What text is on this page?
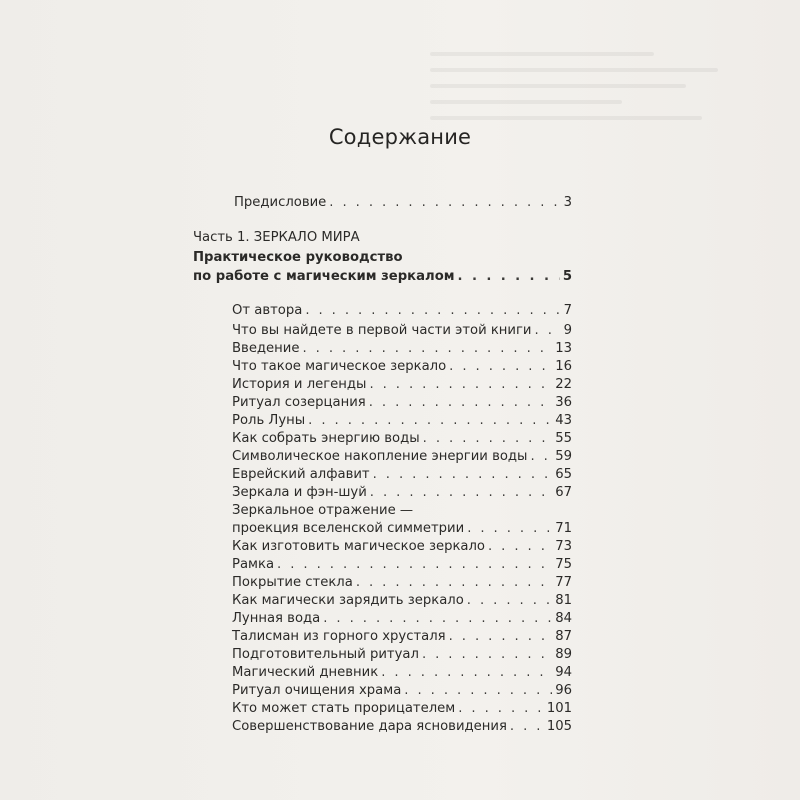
Содержание
Предисловие . . .	3
Часть 1. ЗЕРКАЛО МИРА
Практическое руководство
по работе с магическим зеркалом . . .	5
От автора . . .	7
Что вы найдете в первой части этой книги . . . 9
Введение . . .	13
Что такое магическое зеркало . . .	16
История и легенды . . .	22
Ритуал созерцания . . .	36
Роль Луны . . .	43
Как собрать энергию воды . . .	55
Символическое накопление энергии воды . . . 59
Еврейский алфавит . . .	65
Зеркала и фэн-шуй . . .	67
Зеркальное отражение —
проекция вселенской симметрии . . .	71
Как изготовить магическое зеркало . . .	73
Рамка . . .	75
Покрытие стекла . . .	77
Как магически зарядить зеркало . . .	81
Лунная вода . . .	84
Талисман из горного хрусталя . . .	87
Подготовительный ритуал . . .	89
Магический дневник . . .	94
Ритуал очищения храма . . .	96
Кто может стать прорицателем . . .	101
Совершенствование дара ясновидения . . .	105
